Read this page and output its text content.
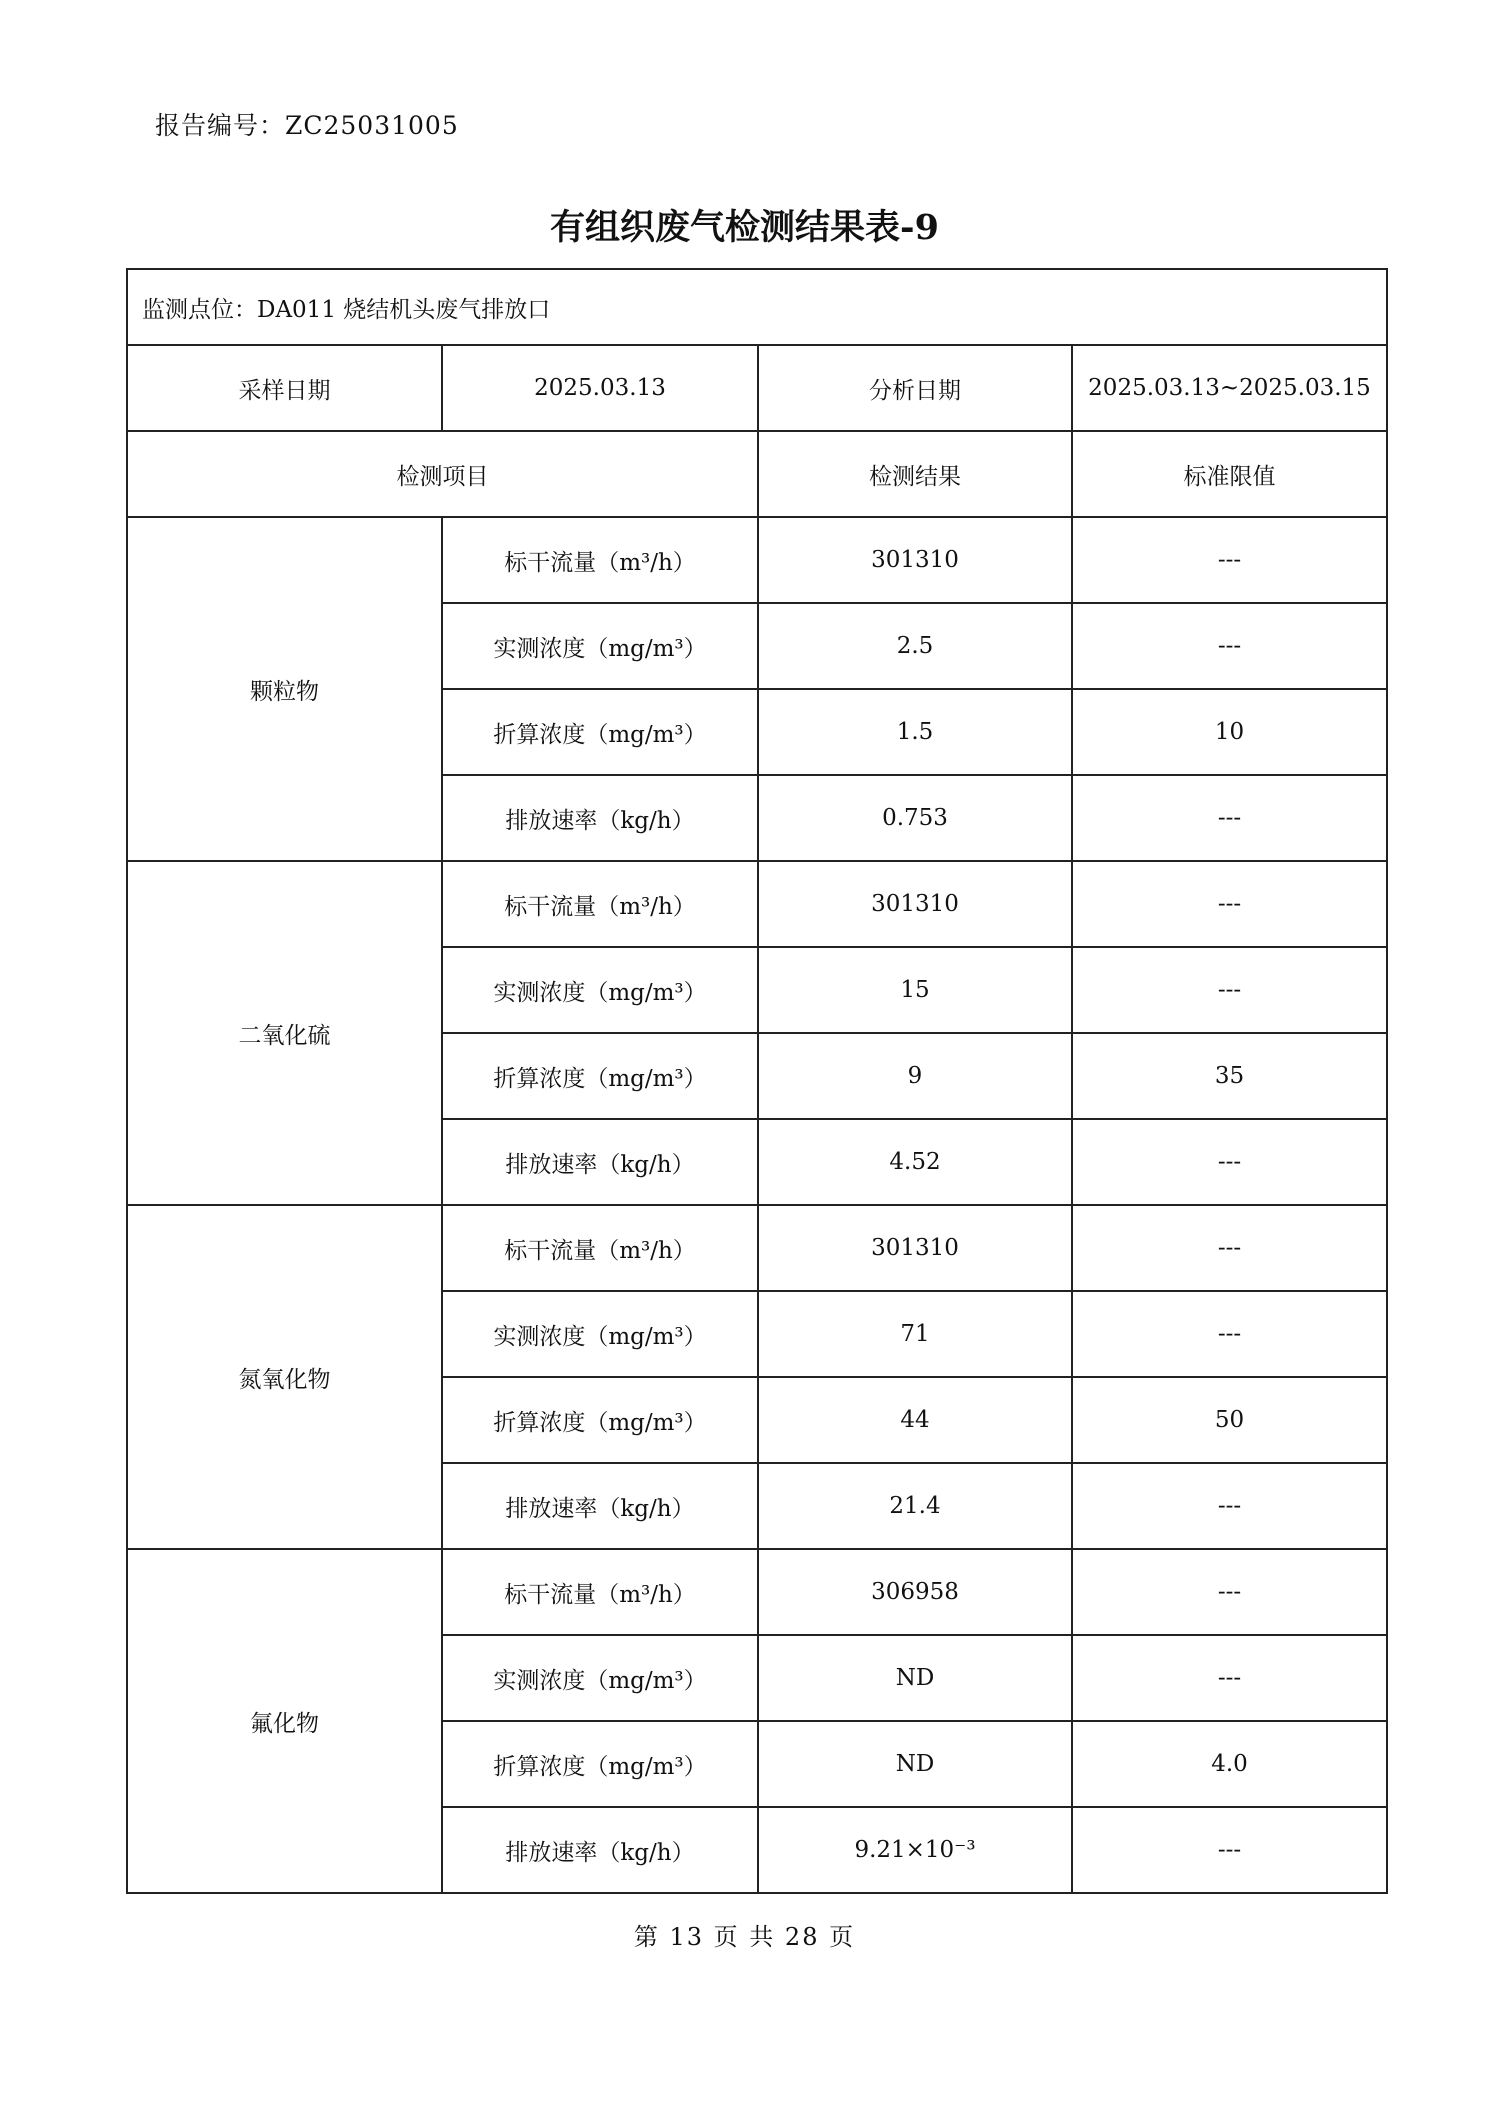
报告编号：ZC25031005
有组织废气检测结果表-9
监测点位：DA011 烧结机头废气排放口			
采样日期	2025.03.13	分析日期	2025.03.13~2025.03.15
检测项目		检测结果	标准限值
颗粒物	标干流量（m³/h）	301310	---
	实测浓度（mg/m³）	2.5	---
	折算浓度（mg/m³）	1.5	10
	排放速率（kg/h）	0.753	---
二氧化硫	标干流量（m³/h）	301310	---
	实测浓度（mg/m³）	15	---
	折算浓度（mg/m³）	9	35
	排放速率（kg/h）	4.52	---
氮氧化物	标干流量（m³/h）	301310	---
	实测浓度（mg/m³）	71	---
	折算浓度（mg/m³）	44	50
	排放速率（kg/h）	21.4	---
氟化物	标干流量（m³/h）	306958	---
	实测浓度（mg/m³）	ND	---
	折算浓度（mg/m³）	ND	4.0
	排放速率（kg/h）	9.21×10⁻³	---
第 13 页 共 28 页
